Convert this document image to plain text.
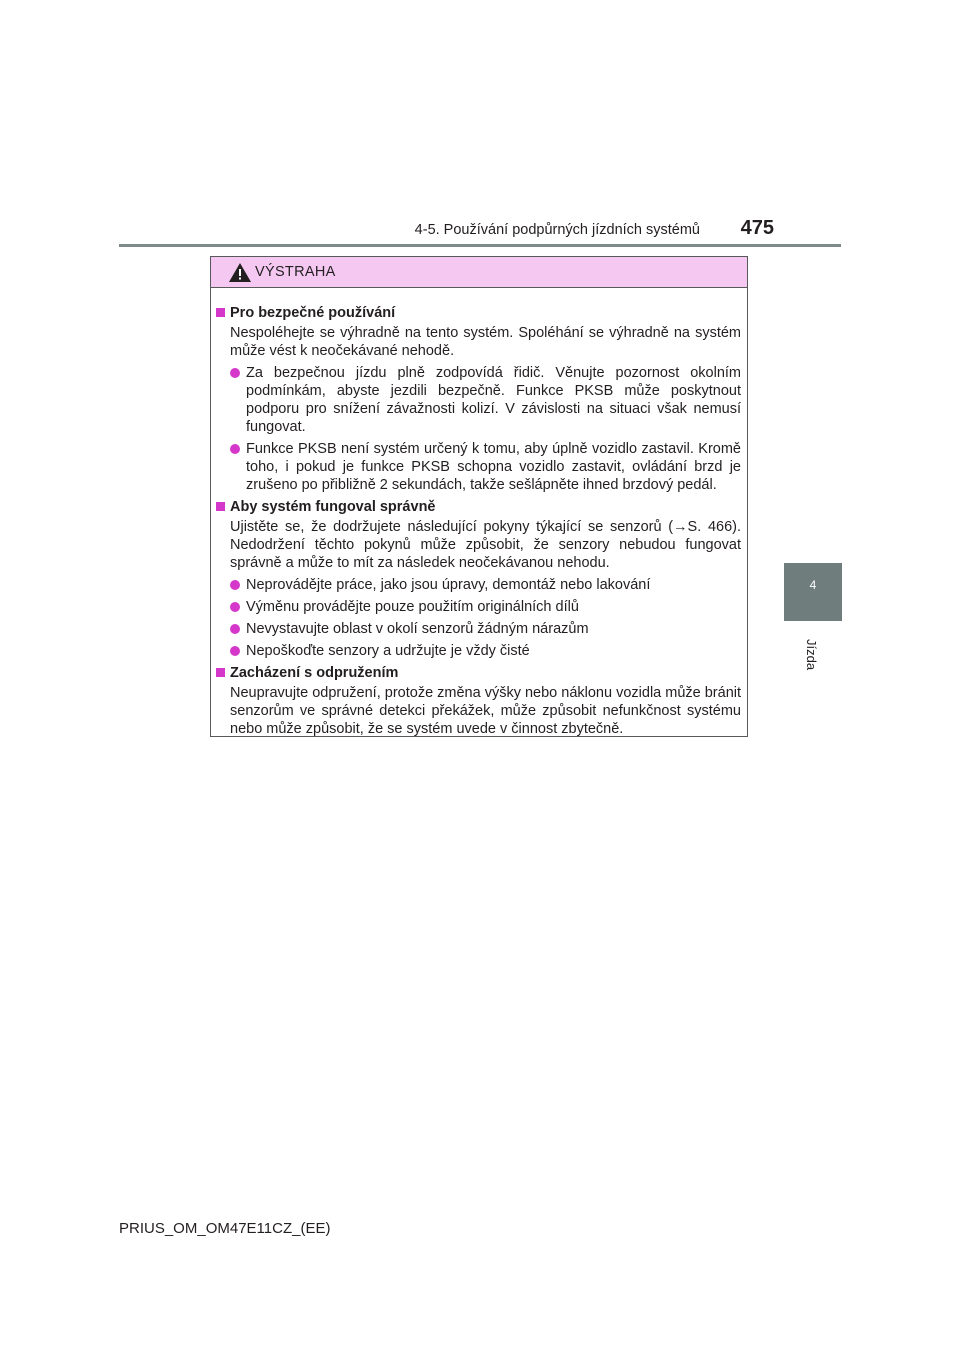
4-5. Používání podpůrných jízdních systémů	475
4
Jízda
VÝSTRAHA
Pro bezpečné používání
Nespoléhejte se výhradně na tento systém. Spoléhání se výhradně na systém může vést k neočekávané nehodě.
Za bezpečnou jízdu plně zodpovídá řidič. Věnujte pozornost okolním podmínkám, abyste jezdili bezpečně. Funkce PKSB může poskytnout podporu pro snížení závažnosti kolizí. V závislosti na situaci však nemusí fungovat.
Funkce PKSB není systém určený k tomu, aby úplně vozidlo zastavil. Kromě toho, i pokud je funkce PKSB schopna vozidlo zastavit, ovládání brzd je zrušeno po přibližně 2 sekundách, takže sešlápněte ihned brzdový pedál.
Aby systém fungoval správně
Ujistěte se, že dodržujete následující pokyny týkající se senzorů (→S. 466). Nedodržení těchto pokynů může způsobit, že senzory nebudou fungovat správně a může to mít za následek neočekávanou nehodu.
Neprovádějte práce, jako jsou úpravy, demontáž nebo lakování
Výměnu provádějte pouze použitím originálních dílů
Nevystavujte oblast v okolí senzorů žádným nárazům
Nepoškoďte senzory a udržujte je vždy čisté
Zacházení s odpružením
Neupravujte odpružení, protože změna výšky nebo náklonu vozidla může bránit senzorům ve správné detekci překážek, může způsobit nefunkčnost systému nebo může způsobit, že se systém uvede v činnost zbytečně.
PRIUS_OM_OM47E11CZ_(EE)
